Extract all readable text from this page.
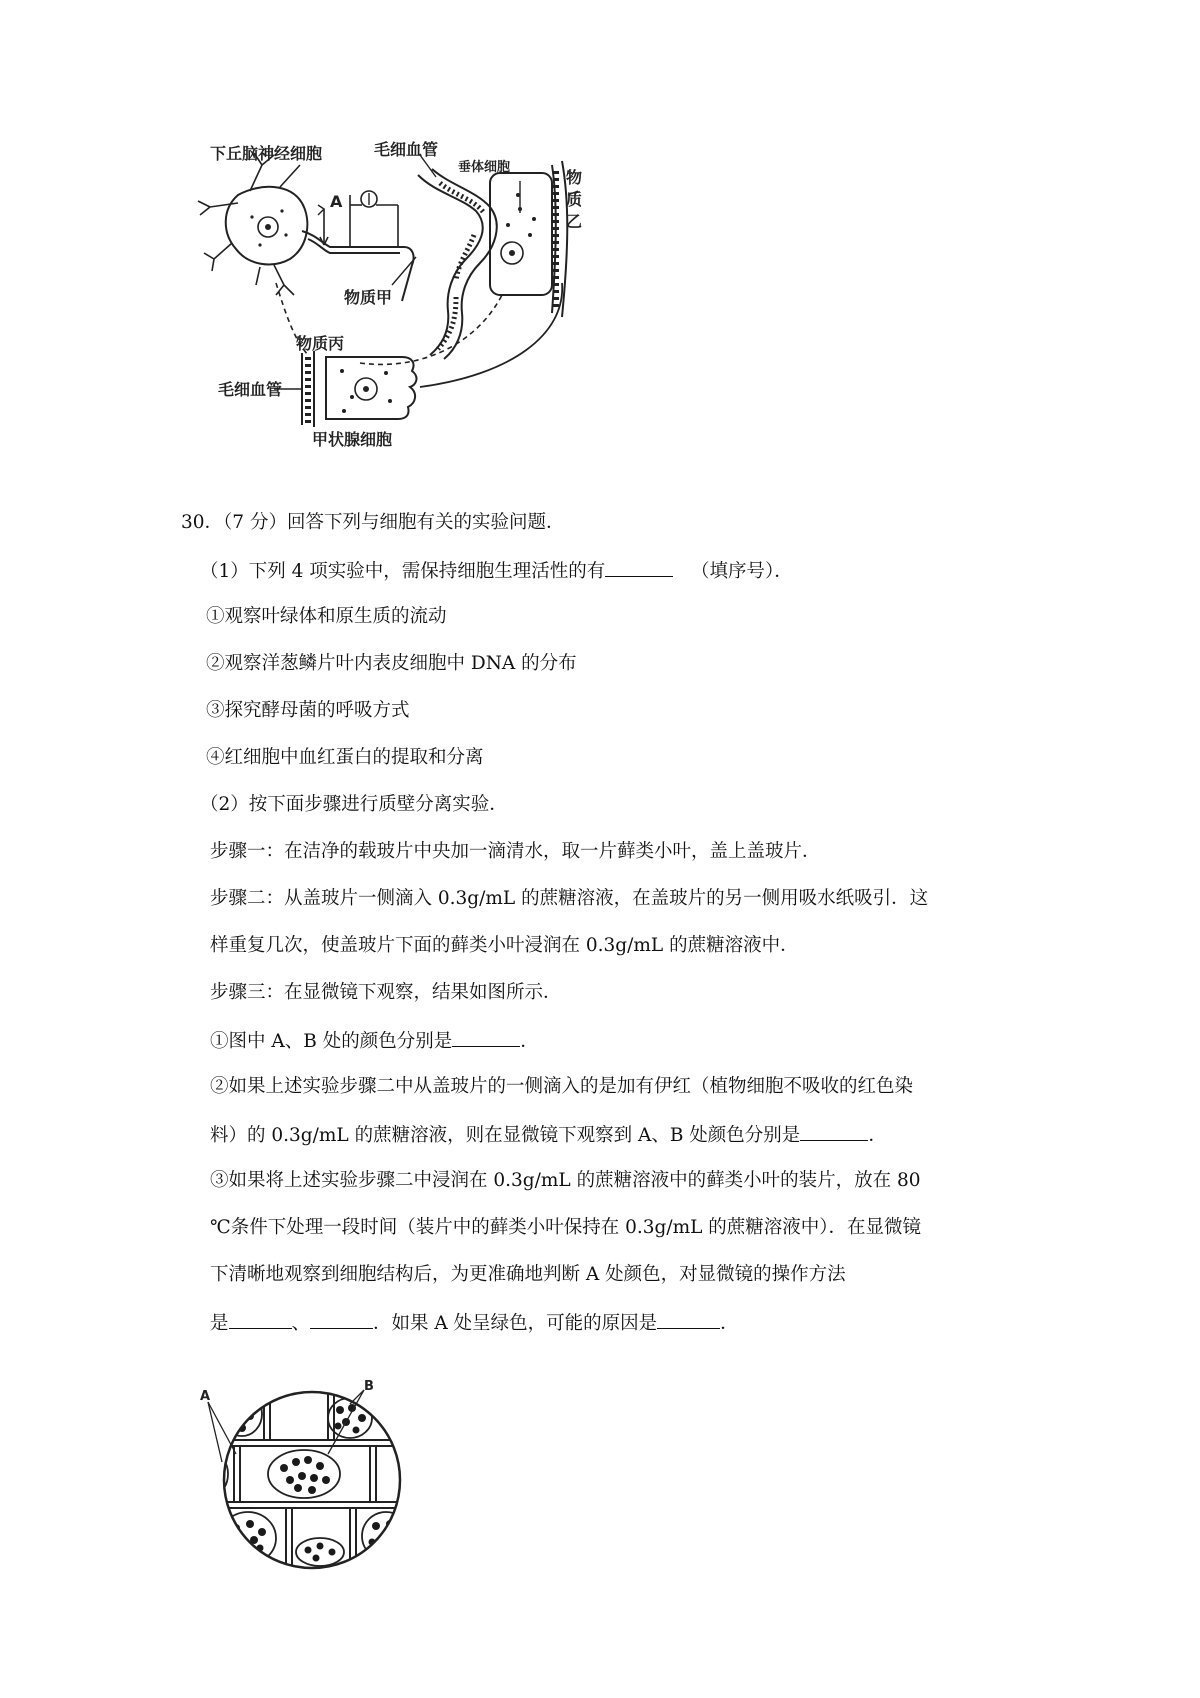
A
下丘脑神经细胞	毛细血管
垂体细胞
物
质
乙
物质甲
物质丙
毛细血管
甲状腺细胞
30．（7 分）回答下列与细胞有关的实验问题．
（1）下列 4 项实验中，需保持细胞生理活性的有	（填序号）．
①观察叶绿体和原生质的流动
②观察洋葱鳞片叶内表皮细胞中 DNA 的分布
③探究酵母菌的呼吸方式
④红细胞中血红蛋白的提取和分离
（2）按下面步骤进行质壁分离实验．
步骤一：在洁净的载玻片中央加一滴清水，取一片藓类小叶，盖上盖玻片．
步骤二：从盖玻片一侧滴入 0.3g/mL 的蔗糖溶液，在盖玻片的另一侧用吸水纸吸引．这
样重复几次，使盖玻片下面的藓类小叶浸润在 0.3g/mL 的蔗糖溶液中．
步骤三：在显微镜下观察，结果如图所示．
①图中 A、B 处的颜色分别是	．
②如果上述实验步骤二中从盖玻片的一侧滴入的是加有伊红（植物细胞不吸收的红色染
料）的 0.3g/mL 的蔗糖溶液，则在显微镜下观察到 A、B 处颜色分别是	．
③如果将上述实验步骤二中浸润在 0.3g/mL 的蔗糖溶液中的藓类小叶的装片，放在 80
℃条件下处理一段时间（装片中的藓类小叶保持在 0.3g/mL 的蔗糖溶液中）．在显微镜
下清晰地观察到细胞结构后，为更准确地判断 A 处颜色，对显微镜的操作方法
是	、	．如果 A 处呈绿色，可能的原因是	．
A
B
